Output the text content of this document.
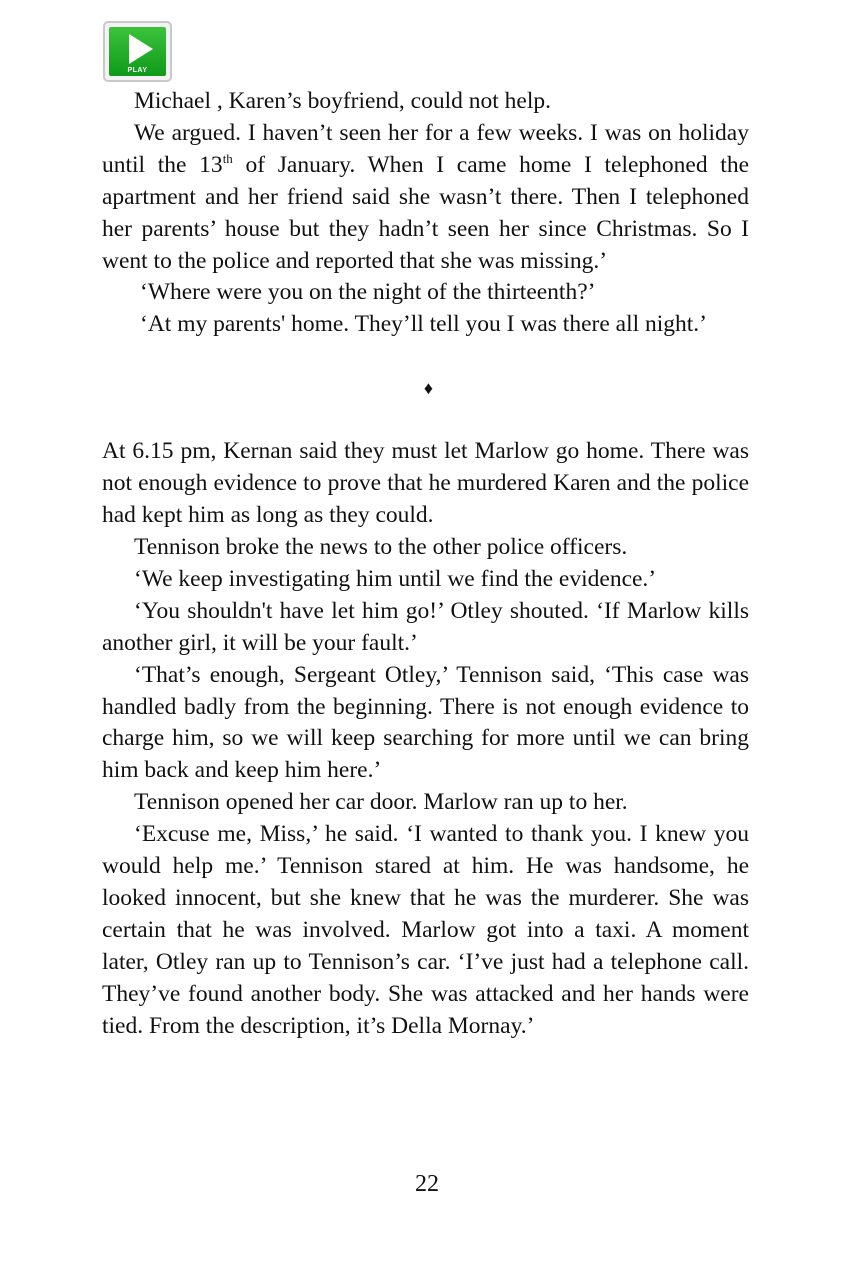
PLAY

Michael , Karen’s boyfriend, could not help.

We argued. I haven’t seen her for a few weeks. I was on holiday until the 13th of January. When I came home I telephoned the apartment and her friend said she wasn’t there. Then I telephoned her parents’ house but they hadn’t seen her since Christmas. So I went to the police and reported that she was missing.’

‘Where were you on the night of the thirteenth?’

‘At my parents' home. They’ll tell you I was there all night.’

♦

At 6.15 pm, Kernan said they must let Marlow go home. There was not enough evidence to prove that he murdered Karen and the police had kept him as long as they could.

Tennison broke the news to the other police officers.

‘We keep investigating him until we find the evidence.’

‘You shouldn't have let him go!’ Otley shouted. ‘If Marlow kills another girl, it will be your fault.’

‘That’s enough, Sergeant Otley,’ Tennison said, ‘This case was handled badly from the beginning. There is not enough evidence to charge him, so we will keep searching for more until we can bring him back and keep him here.’

Tennison opened her car door. Marlow ran up to her.

‘Excuse me, Miss,’ he said. ‘I wanted to thank you. I knew you would help me.’ Tennison stared at him. He was handsome, he looked innocent, but she knew that he was the murderer. She was certain that he was involved. Marlow got into a taxi. A moment later, Otley ran up to Tennison’s car. ‘I’ve just had a telephone call. They’ve found another body. She was attacked and her hands were tied. From the description, it’s Della Mornay.’

22
